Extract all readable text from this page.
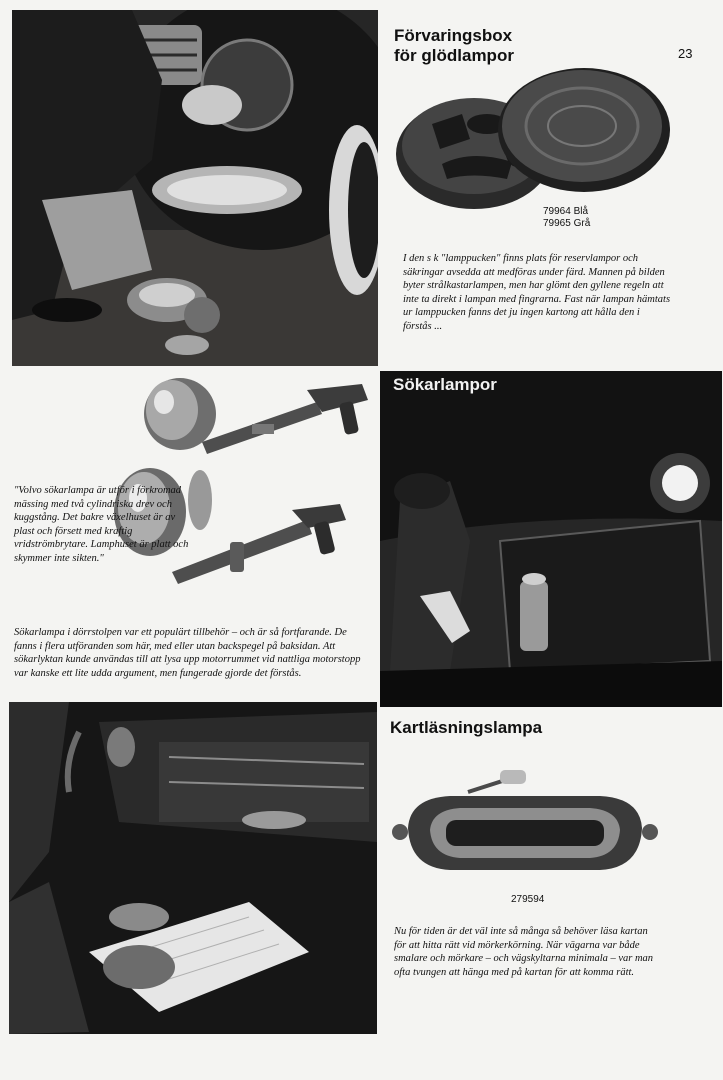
Förvaringsbox
för glödlampor	23
79964 Blå
79965 Grå

I den s k "lamppucken" finns plats för reservlampor och säkringar avsedda att medföras under färd. Mannen på bilden byter strålkastarlampen, men har glömt den gyllene regeln att inte ta direkt i lampan med fingrarna. Fast när lampan hämtats ur lamppucken fanns det ju ingen kartong att hålla den i förstås ...

"Volvo sökarlampa är utför i förkromad mässing med två cylindriska drev och kuggstång. Det bakre växelhuset är av plast och försett med kraftig vridströmbrytare. Lamphuset är platt och skymmer inte sikten."

Sökarlampa i dörrstolpen var ett populärt tillbehör – och är så fortfarande. De fanns i flera utföranden som här, med eller utan backspegel på baksidan. Att sökarlyktan kunde användas till att lysa upp motorrummet vid nattliga motorstopp var kanske ett lite udda argument, men fungerade gjorde det förstås.

Sökarlampor
Kartläsningslampa
279594

Nu för tiden är det väl inte så många så behöver läsa kartan för att hitta rätt vid mörkerkörning. När vägarna var både smalare och mörkare – och vägskyltarna minimala – var man ofta tvungen att hänga med på kartan för att komma rätt.
